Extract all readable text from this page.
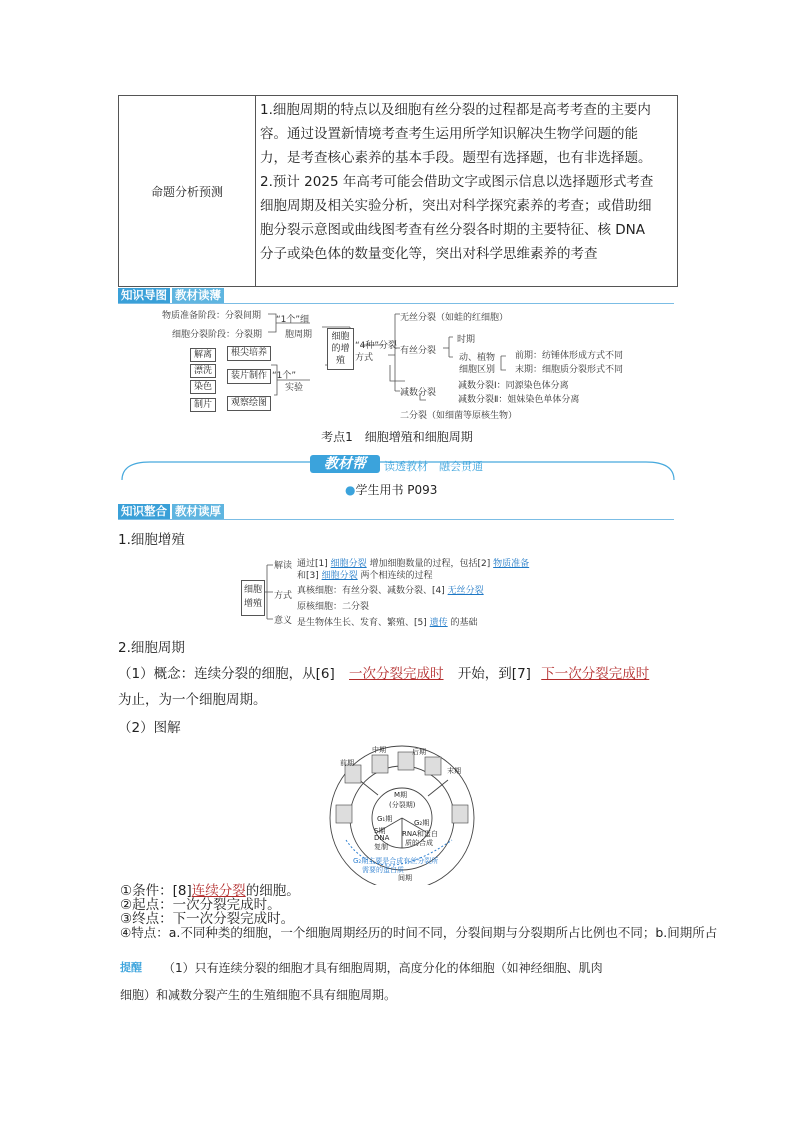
命题分析预测
1.细胞周期的特点以及细胞有丝分裂的过程都是高考考查的主要内
容。通过设置新情境考查考生运用所学知识解决生物学问题的能
力，是考查核心素养的基本手段。题型有选择题，也有非选择题。
2.预计 2025 年高考可能会借助文字或图示信息以选择题形式考查
细胞周期及相关实验分析，突出对科学探究素养的考查；或借助细
胞分裂示意图或曲线图考查有丝分裂各时期的主要特征、核 DNA
分子或染色体的数量变化等，突出对科学思维素养的考查
知识导图 教材读薄
物质准备阶段：分裂间期
细胞分裂阶段：分裂期
“1个”细
胞周期
“1个”
实验
解离
漂洗
染色
制片
根尖培养
装片制作
观察绘图
细胞的增殖
“4种”分裂方式
无丝分裂（如蛙的红细胞）
有丝分裂
时期
动、植物
细胞区别
前期：纺锤体形成方式不同
末期：细胞质分裂形式不同
减数分裂
减数分裂Ⅰ：同源染色体分离
减数分裂Ⅱ：姐妹染色单体分离
二分裂（如细菌等原核生物）
考点1　细胞增殖和细胞周期
教材帮	读透教材　融会贯通
●学生用书 P093
知识整合 教材读厚
1.细胞增殖
细胞增殖
解读
方式
意义
通过[1] 细胞分裂 增加细胞数量的过程，包括[2] 物质准备
和[3] 细胞分裂 两个相连续的过程
真核细胞：有丝分裂、减数分裂、[4] 无丝分裂
原核细胞：二分裂
是生物体生长、发育、繁殖、[5] 遗传 的基础
2.细胞周期
（1）概念：连续分裂的细胞，从[6] 一次分裂完成时 开始，到[7] 下一次分裂完成时
为止，为一个细胞周期。
（2）图解
前期
中期	后期
末期
M期
(分裂期)
G₁期
S期
DNA
复制
G₂期
RNA和蛋白
质的合成
G₂期主要是合成有丝分裂所
需要的蛋白质
间期
①条件：[8]连续分裂的细胞。
②起点：一次分裂完成时。
③终点：下一次分裂完成时。
④特点：a.不同种类的细胞，一个细胞周期经历的时间不同，分裂间期与分裂期所占比例也不同；b.间期所占
提醒 （1）只有连续分裂的细胞才具有细胞周期，高度分化的体细胞（如神经细胞、肌肉
细胞）和减数分裂产生的生殖细胞不具有细胞周期。
